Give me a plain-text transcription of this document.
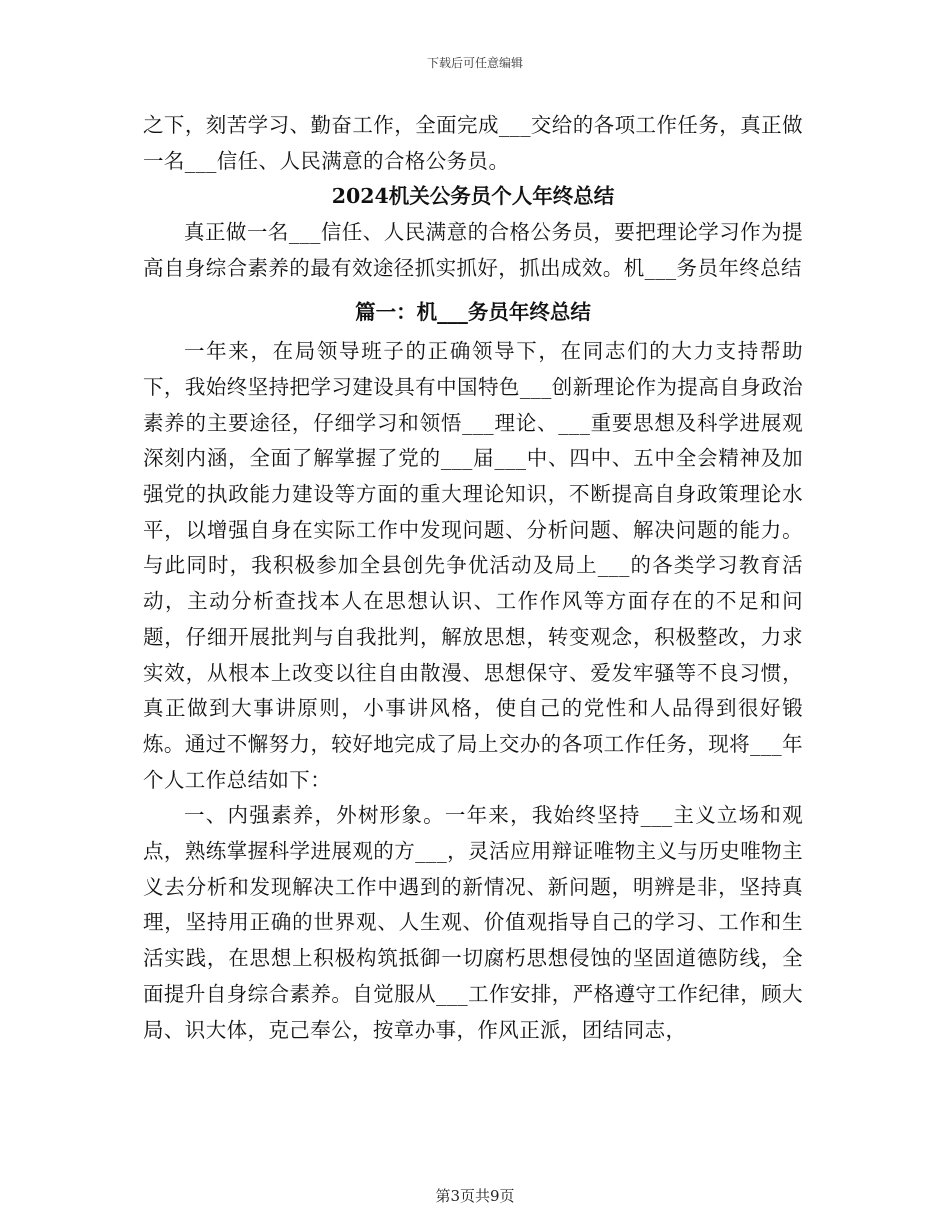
下载后可任意编辑

之下，刻苦学习、勤奋工作，全面完成___交给的各项工作任务，真正做一名___信任、人民满意的合格公务员。

2024机关公务员个人年终总结

真正做一名___信任、人民满意的合格公务员，要把理论学习作为提高自身综合素养的最有效途径抓实抓好，抓出成效。机___务员年终总结

篇一：机___务员年终总结

一年来，在局领导班子的正确领导下，在同志们的大力支持帮助下，我始终坚持把学习建设具有中国特色___创新理论作为提高自身政治素养的主要途径，仔细学习和领悟___理论、___重要思想及科学进展观深刻内涵，全面了解掌握了党的___届___中、四中、五中全会精神及加强党的执政能力建设等方面的重大理论知识，不断提高自身政策理论水平，以增强自身在实际工作中发现问题、分析问题、解决问题的能力。与此同时，我积极参加全县创先争优活动及局上___的各类学习教育活动，主动分析查找本人在思想认识、工作作风等方面存在的不足和问题，仔细开展批判与自我批判，解放思想，转变观念，积极整改，力求实效，从根本上改变以往自由散漫、思想保守、爱发牢骚等不良习惯，真正做到大事讲原则，小事讲风格，使自己的党性和人品得到很好锻炼。通过不懈努力，较好地完成了局上交办的各项工作任务，现将___年个人工作总结如下：

一、内强素养，外树形象。一年来，我始终坚持___主义立场和观点，熟练掌握科学进展观的方___，灵活应用辩证唯物主义与历史唯物主义去分析和发现解决工作中遇到的新情况、新问题，明辨是非，坚持真理，坚持用正确的世界观、人生观、价值观指导自己的学习、工作和生活实践，在思想上积极构筑抵御一切腐朽思想侵蚀的坚固道德防线，全面提升自身综合素养。自觉服从___工作安排，严格遵守工作纪律，顾大局、识大体，克己奉公，按章办事，作风正派，团结同志，

第3页共9页
